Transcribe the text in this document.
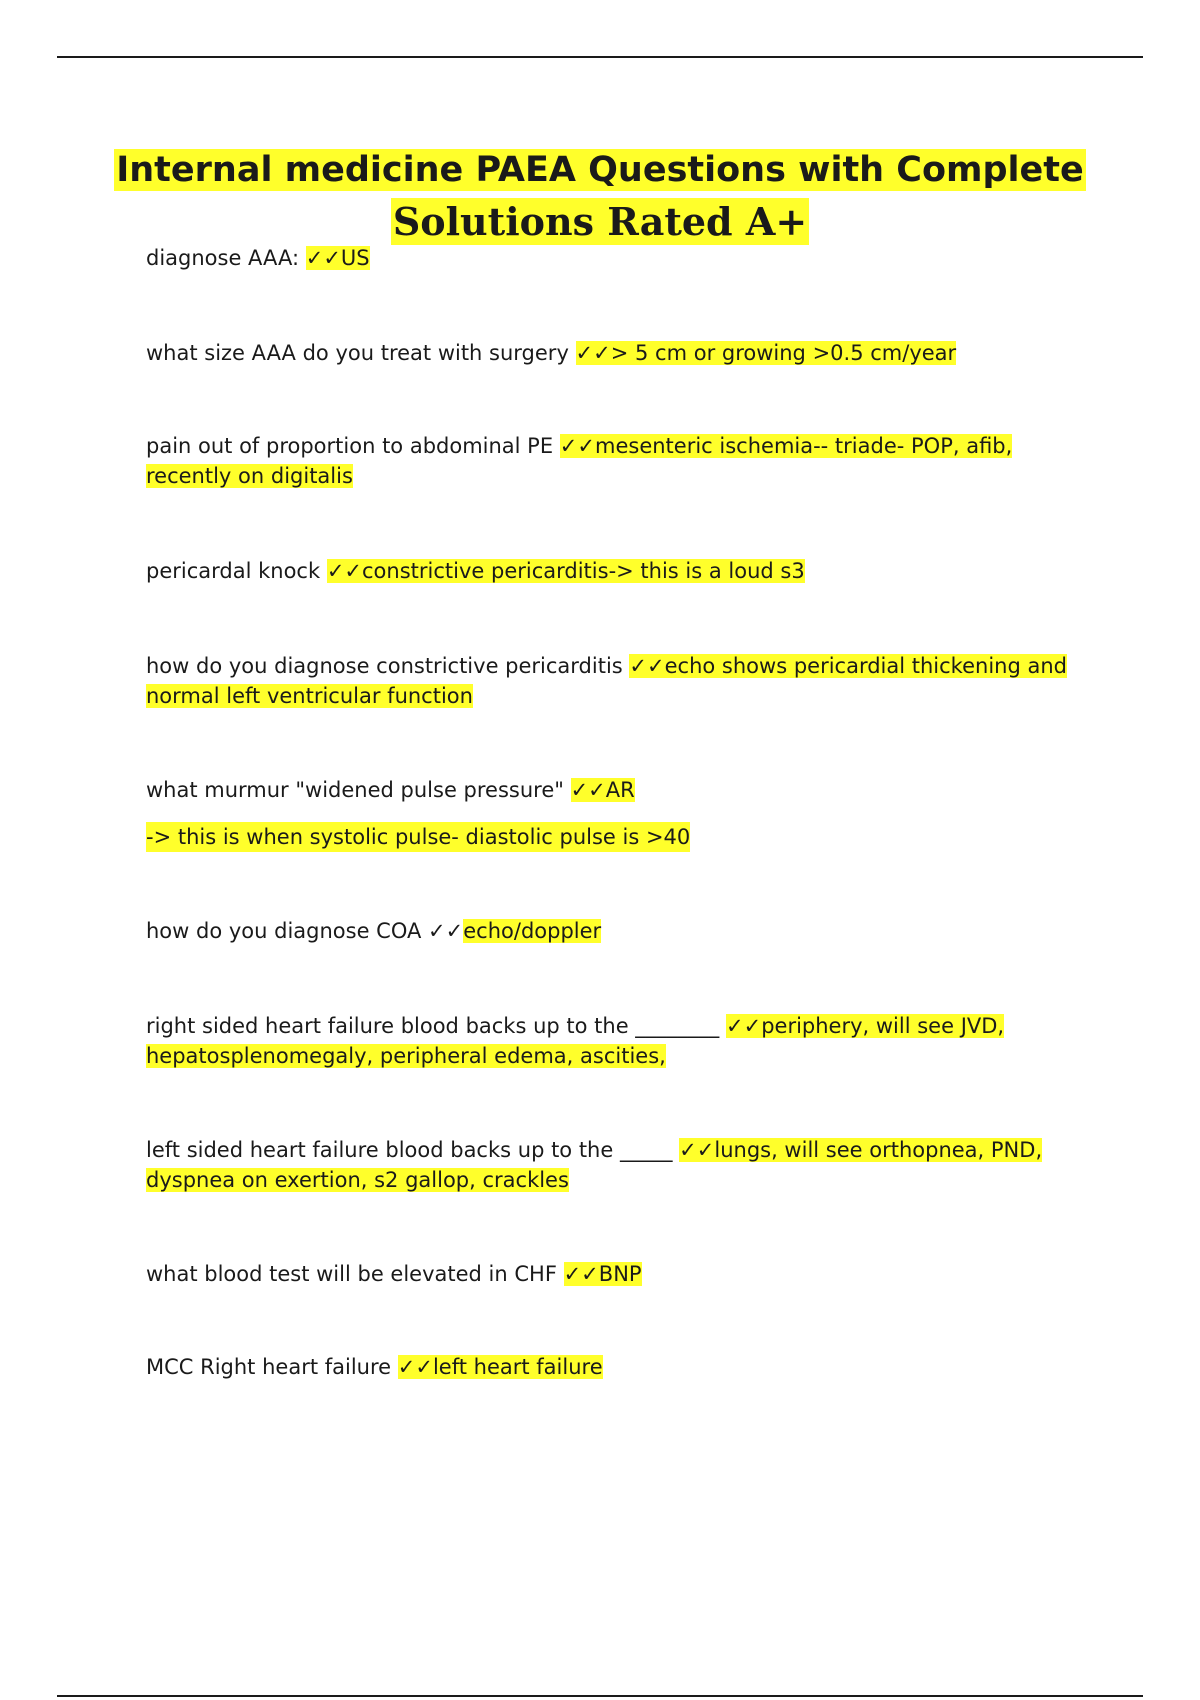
Internal medicine PAEA Questions with Complete
Solutions Rated A+
diagnose AAA: ✓✓US
what size AAA do you treat with surgery ✓✓> 5 cm or growing >0.5 cm/year
pain out of proportion to abdominal PE ✓✓mesenteric ischemia-- triade- POP, afib, recently on digitalis
pericardal knock ✓✓constrictive pericarditis-> this is a loud s3
how do you diagnose constrictive pericarditis ✓✓echo shows pericardial thickening and normal left ventricular function
what murmur "widened pulse pressure" ✓✓AR
-> this is when systolic pulse- diastolic pulse is >40
how do you diagnose COA ✓✓echo/doppler
right sided heart failure blood backs up to the ________ ✓✓periphery, will see JVD, hepatosplenomegaly, peripheral edema, ascities,
left sided heart failure blood backs up to the _____ ✓✓lungs, will see orthopnea, PND, dyspnea on exertion, s2 gallop, crackles
what blood test will be elevated in CHF ✓✓BNP
MCC Right heart failure ✓✓left heart failure
